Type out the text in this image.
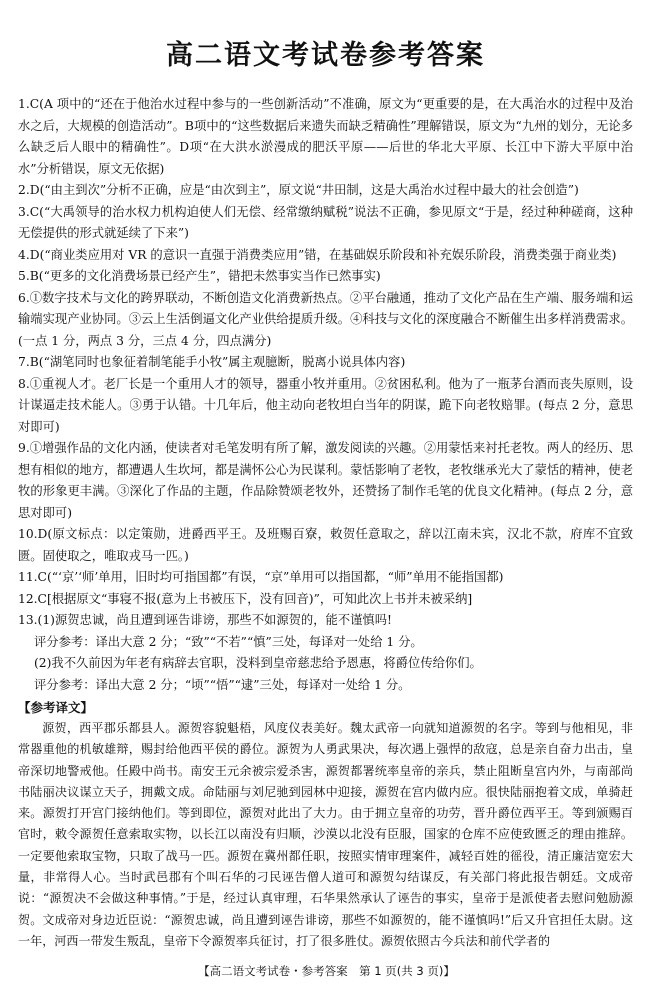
高二语文考试卷参考答案
1.C(A 项中的“还在于他治水过程中参与的一些创新活动”不准确，原文为“更重要的是，在大禹治水的过程中及治水之后，大规模的创造活动”。B项中的“这些数据后来遗失而缺乏精确性”理解错误，原文为“九州的划分，无论多么缺乏后人眼中的精确性”。D项“在大洪水淤漫成的肥沃平原——后世的华北大平原、长江中下游大平原中治水”分析错误，原文无依据)
2.D(“由主到次”分析不正确，应是“由次到主”，原文说“井田制，这是大禹治水过程中最大的社会创造”)
3.C(“大禹领导的治水权力机构迫使人们无偿、经常缴纳赋税”说法不正确，参见原文“于是，经过种种磋商，这种无偿提供的形式就延续了下来”)
4.D(“商业类应用对 VR 的意识一直强于消费类应用”错，在基础娱乐阶段和补充娱乐阶段，消费类强于商业类)
5.B(“更多的文化消费场景已经产生”，错把未然事实当作已然事实)
6.①数字技术与文化的跨界联动，不断创造文化消费新热点。②平台融通，推动了文化产品在生产端、服务端和运输端实现产业协同。③云上生活倒逼文化产业供给提质升级。④科技与文化的深度融合不断催生出多样消费需求。(一点 1 分，两点 3 分，三点 4 分，四点满分)
7.B(“湖笔同时也象征着制笔能手小牧”属主观臆断，脱离小说具体内容)
8.①重视人才。老厂长是一个重用人才的领导，器重小牧并重用。②贫困私利。他为了一瓶茅台酒而丧失原则，设计谋逼走技术能人。③勇于认错。十几年后，他主动向老牧坦白当年的阴谋，跪下向老牧赔罪。(每点 2 分，意思对即可)
9.①增强作品的文化内涵，使读者对毛笔发明有所了解，激发阅读的兴趣。②用蒙恬来衬托老牧。两人的经历、思想有相似的地方，都遭遇人生坎坷，都是满怀公心为民谋利。蒙恬影响了老牧，老牧继承光大了蒙恬的精神，使老牧的形象更丰满。③深化了作品的主题，作品除赞颂老牧外，还赞扬了制作毛笔的优良文化精神。(每点 2 分，意思对即可)
10.D(原文标点：以定策勋，进爵西平王。及班赐百寮，敕贺任意取之，辞以江南未宾，汉北不款，府库不宜致匮。固使取之，唯取戎马一匹。)
11.C(“‘京’‘师’单用，旧时均可指国都”有误，“京”单用可以指国都，“师”单用不能指国都)
12.C[根据原文“事寝不报(意为上书被压下，没有回音)”，可知此次上书并未被采纳]
13.(1)源贺忠诚，尚且遭到诬告诽谤，那些不如源贺的，能不谨慎吗!
评分参考：译出大意 2 分；“致”“不若”“慎”三处，每译对一处给 1 分。
(2)我不久前因为年老有病辞去官职，没料到皇帝慈悲给予恩惠，将爵位传给你们。
评分参考：译出大意 2 分；“顷”“悟”“逮”三处，每译对一处给 1 分。
【参考译文】

源贺，西平郡乐都县人。源贺容貌魁梧，风度仪表美好。魏太武帝一向就知道源贺的名字。等到与他相见，非常器重他的机敏雄辩，赐封给他西平侯的爵位。源贺为人勇武果决，每次遇上强悍的敌寇，总是亲自奋力出击，皇帝深切地警戒他。任殿中尚书。南安王元余被宗爱杀害，源贺都署统率皇帝的亲兵，禁止阻断皇宫内外，与南部尚书陆丽决议谋立天子，拥戴文成。命陆丽与刘尼驰到园林中迎接，源贺在宫内做内应。很快陆丽抱着文成，单骑赶来。源贺打开宫门接纳他们。等到即位，源贺对此出了大力。由于拥立皇帝的功劳，晋升爵位西平王。等到颁赐百官时，敕令源贺任意索取实物，以长江以南没有归顺，沙漠以北没有臣服，国家的仓库不应使致匮乏的理由推辞。一定要他索取宝物，只取了战马一匹。源贺在冀州都任职，按照实情审理案件，减轻百姓的徭役，清正廉洁宽宏大量，非常得人心。当时武邑郡有个叫石华的刁民诬告僧人道可和源贺勾结谋反，有关部门将此报告朝廷。文成帝说：“源贺决不会做这种事情。”于是，经过认真审理，石华果然承认了诬告的事实，皇帝于是派使者去慰问勉励源贺。文成帝对身边近臣说：“源贺忠诚，尚且遭到诬告诽谤，那些不如源贺的，能不谨慎吗!”后又升官担任太尉。这一年，河西一带发生叛乱，皇帝下令源贺率兵征讨，打了很多胜仗。源贺依照古今兵法和前代学者的

【高二语文考试卷・参考答案　第 1 页(共 3 页)】
